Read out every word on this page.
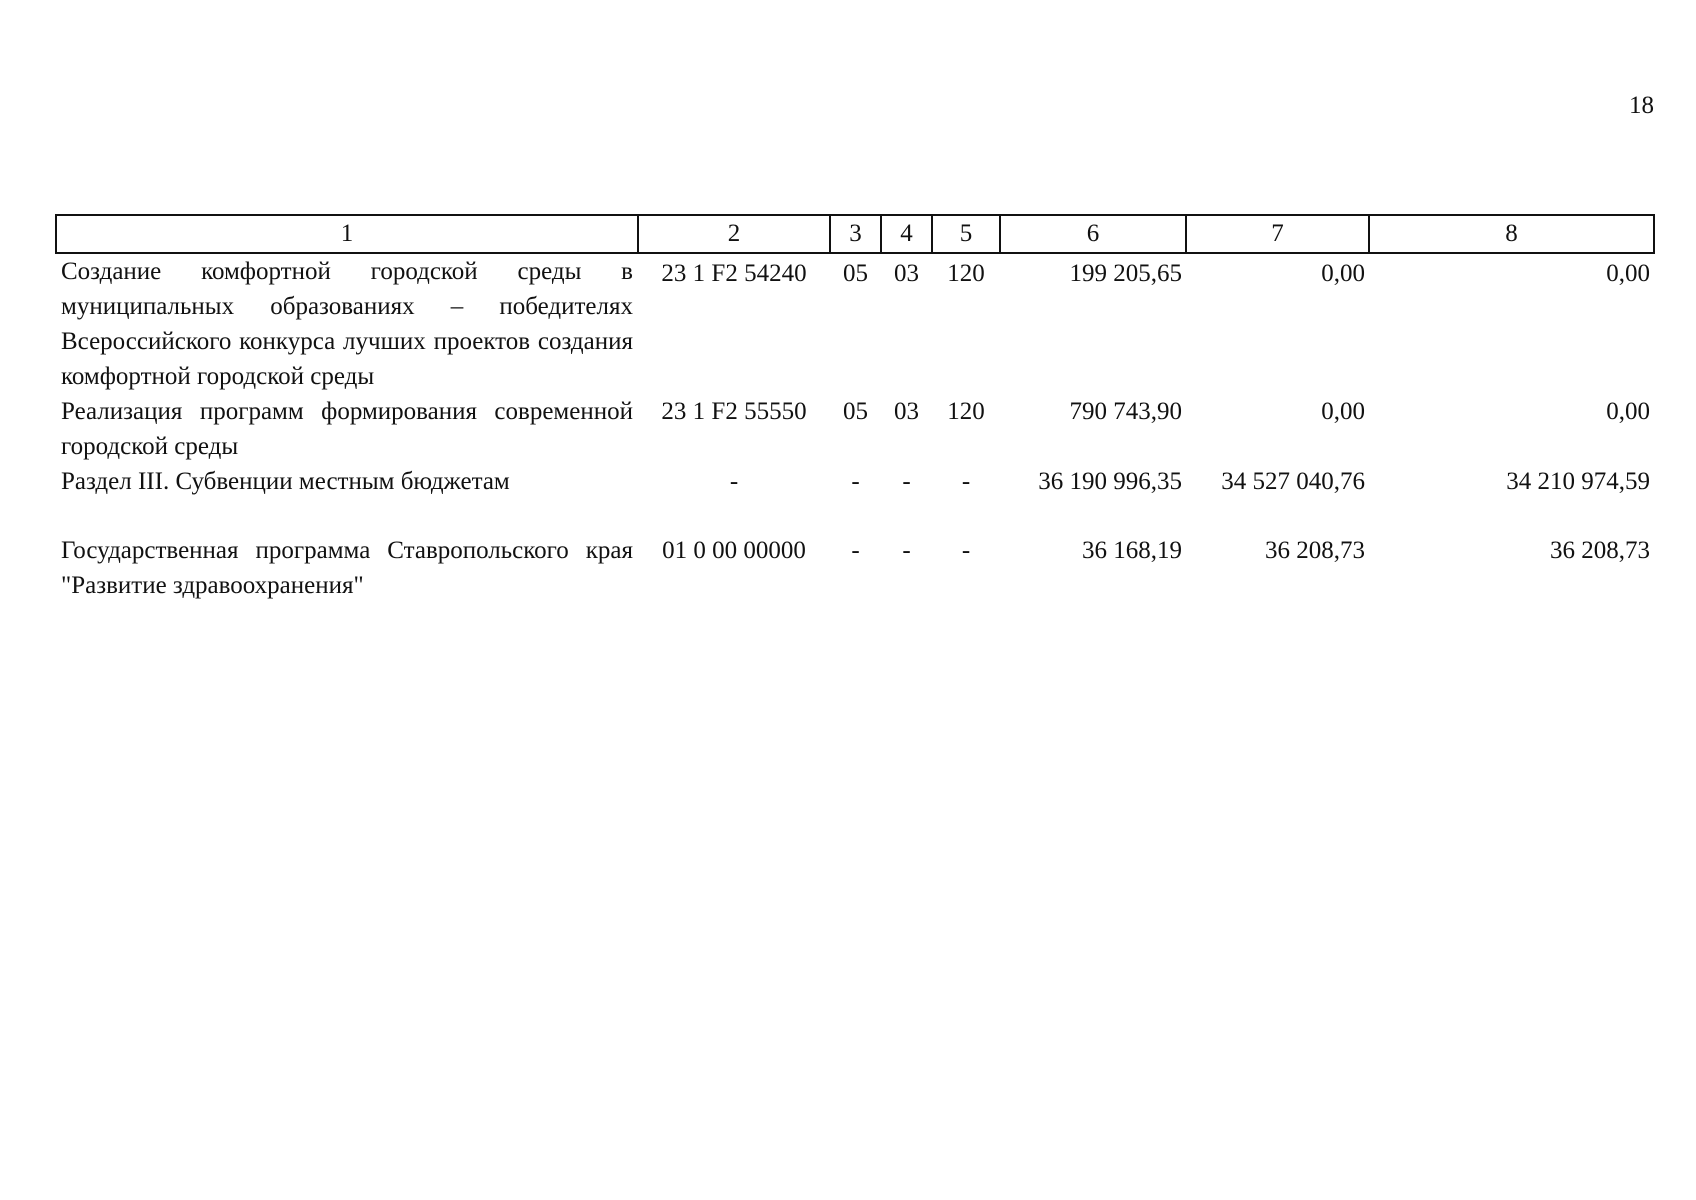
18
1	2	3	4	5	6	7	8
Создание комфортной городской среды в муниципальных образованиях – победителях Всероссийского конкурса лучших проектов создания комфортной городской среды	23 1 F2 54240	05	03	120	199 205,65	0,00	0,00
Реализация программ формирования современной городской среды	23 1 F2 55550	05	03	120	790 743,90	0,00	0,00
Раздел III. Субвенции местным бюджетам	-	-	-	-	36 190 996,35	34 527 040,76	34 210 974,59
Государственная программа Ставропольского края "Развитие здравоохранения"	01 0 00 00000	-	-	-	36 168,19	36 208,73	36 208,73
